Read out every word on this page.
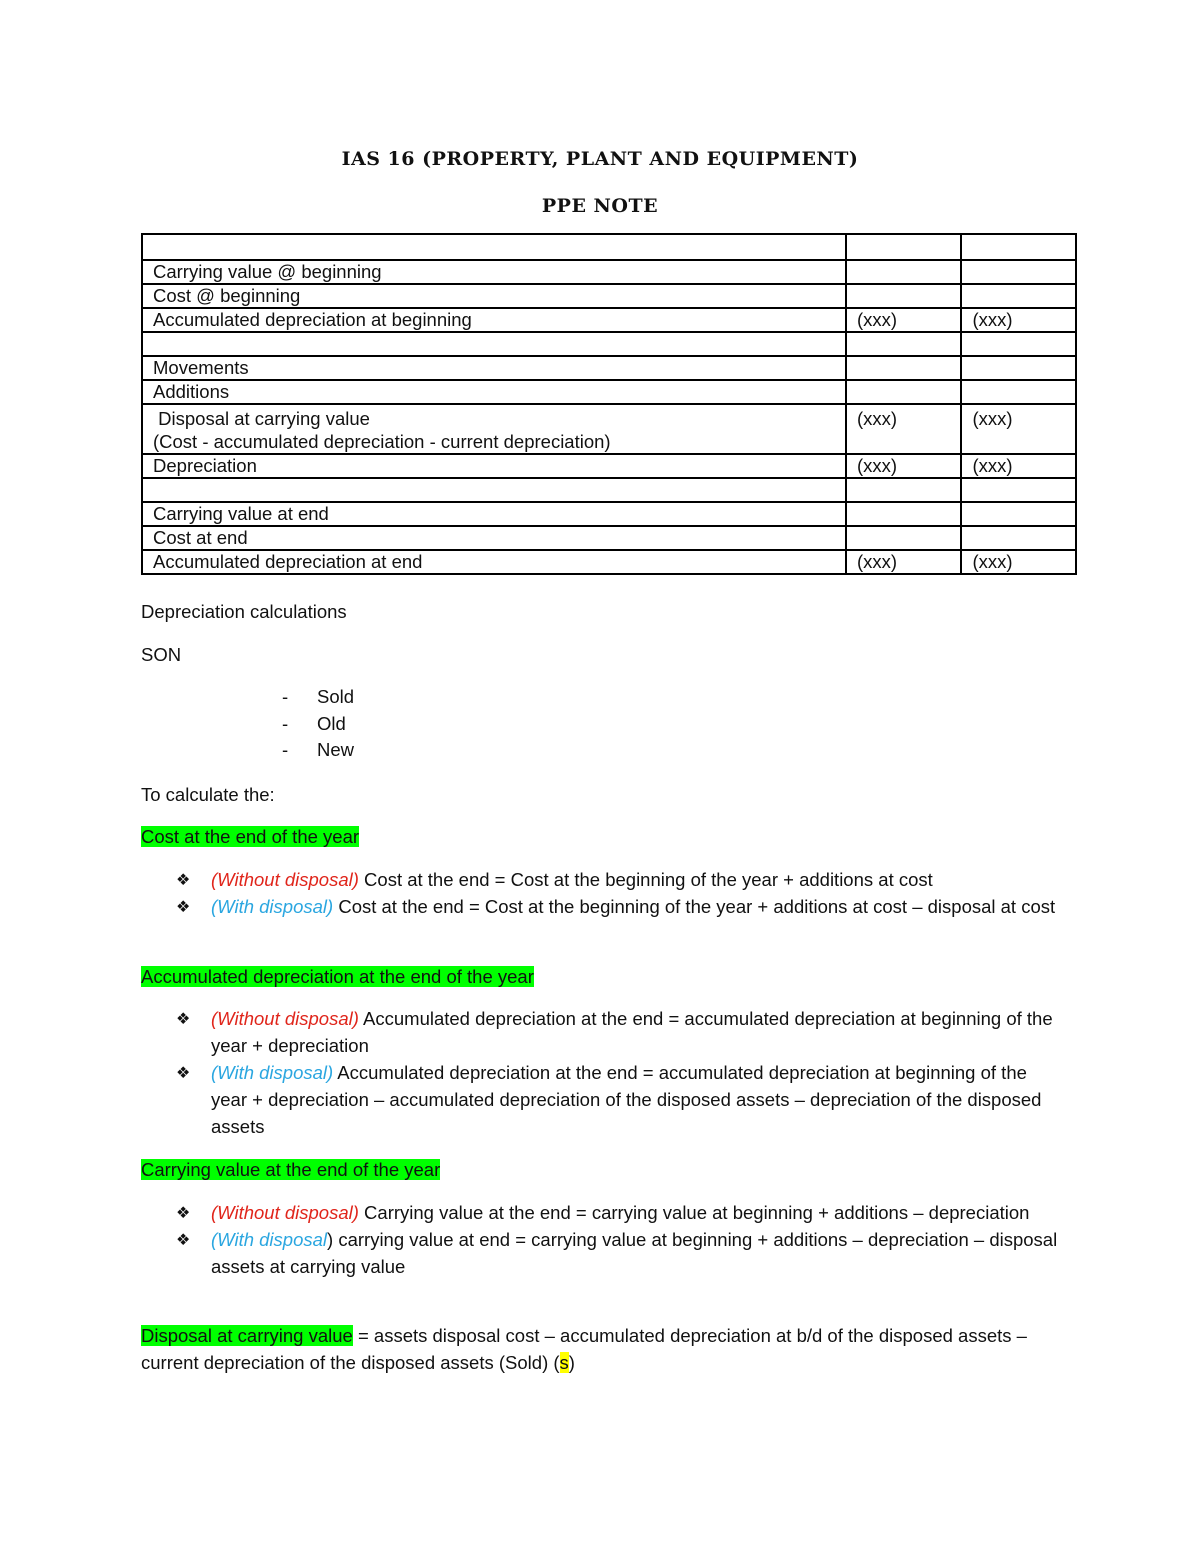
IAS 16 (PROPERTY, PLANT AND EQUIPMENT)
PPE NOTE

Carrying value @ beginning		

Cost @ beginning		

Accumulated depreciation at beginning	(xxx)	(xxx)

Movements		

Additions		

Disposal at carrying value
(Cost - accumulated depreciation - current depreciation)	(xxx)	(xxx)

Depreciation	(xxx)	(xxx)

Carrying value at end		

Cost at end		

Accumulated depreciation at end	(xxx)	(xxx)
Depreciation calculations
SON
- Sold
- Old
- New
To calculate the:
Cost at the end of the year
❖ (Without disposal) Cost at the end = Cost at the beginning of the year + additions at cost
❖ (With disposal) Cost at the end = Cost at the beginning of the year + additions at cost – disposal at cost
Accumulated depreciation at the end of the year
❖ (Without disposal) Accumulated depreciation at the end = accumulated depreciation at beginning of the year + depreciation
❖ (With disposal) Accumulated depreciation at the end = accumulated depreciation at beginning of the year + depreciation – accumulated depreciation of the disposed assets – depreciation of the disposed assets
Carrying value at the end of the year
❖ (Without disposal) Carrying value at the end = carrying value at beginning + additions – depreciation
❖ (With disposal) carrying value at end = carrying value at beginning + additions – depreciation – disposal assets at carrying value
Disposal at carrying value = assets disposal cost – accumulated depreciation at b/d of the disposed assets – current depreciation of the disposed assets (Sold) (s)
